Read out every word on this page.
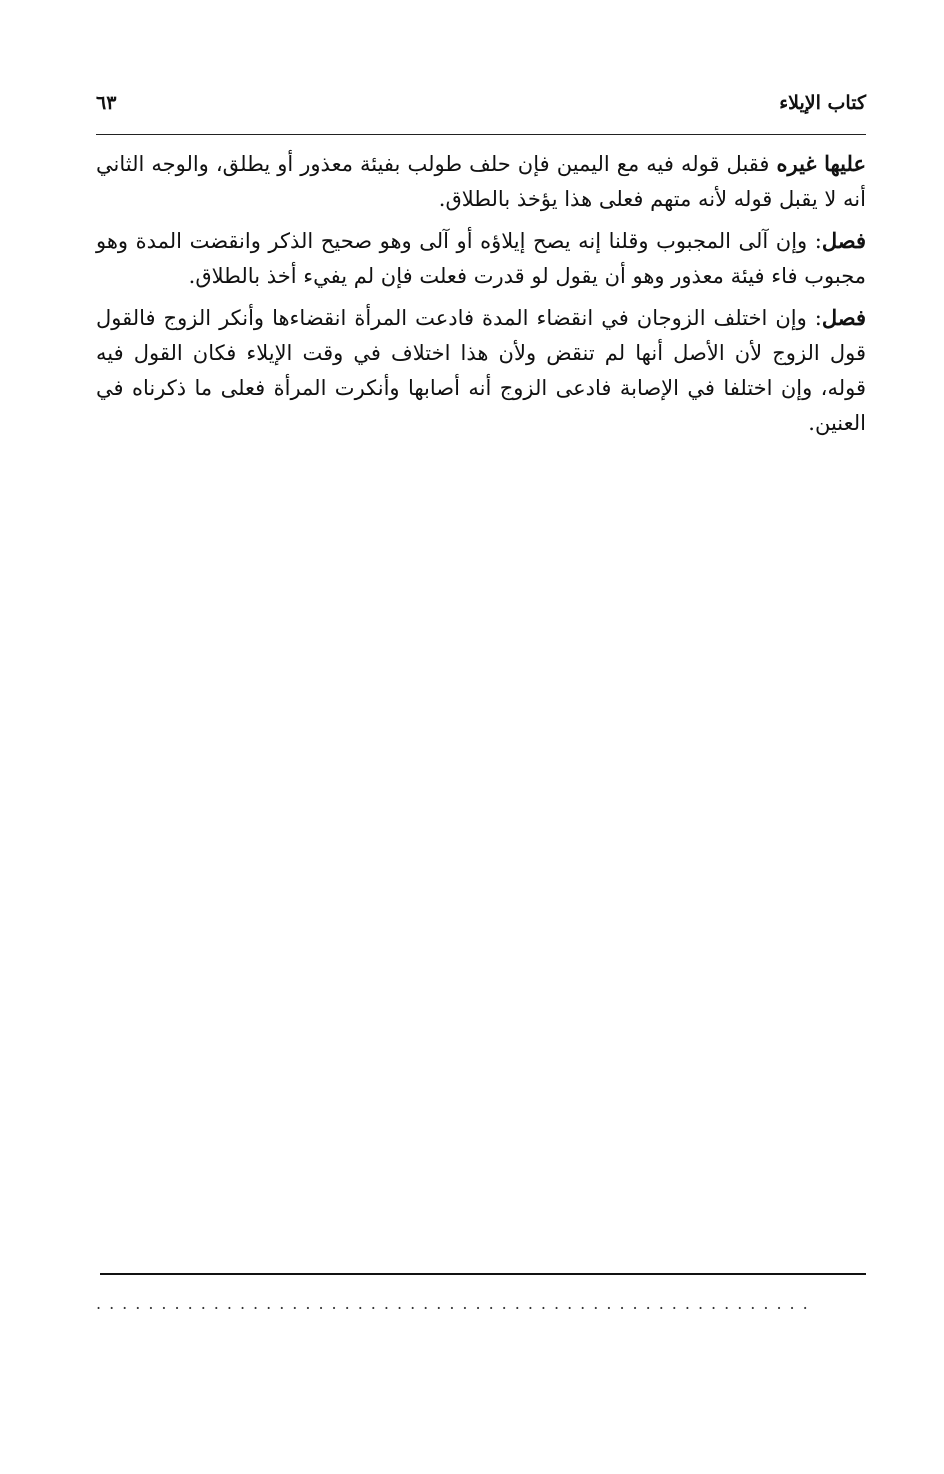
كتاب الإيلاء
٦٣

عليها غيره فقبل قوله فيه مع اليمين فإن حلف طولب بفيئة معذور أو يطلق، والوجه الثاني أنه لا يقبل قوله لأنه متهم فعلى هذا يؤخذ بالطلاق.

فصل: وإن آلى المجبوب وقلنا إنه يصح إيلاؤه أو آلى وهو صحيح الذكر وانقضت المدة وهو مجبوب فاء فيئة معذور وهو أن يقول لو قدرت فعلت فإن لم يفيء أخذ بالطلاق.

فصل: وإن اختلف الزوجان في انقضاء المدة فادعت المرأة انقضاءها وأنكر الزوج فالقول قول الزوج لأن الأصل أنها لم تنقض ولأن هذا اختلاف في وقت الإيلاء فكان القول فيه قوله، وإن اختلفا في الإصابة فادعى الزوج أنه أصابها وأنكرت المرأة فعلى ما ذكرناه في العنين.

.......................................................
